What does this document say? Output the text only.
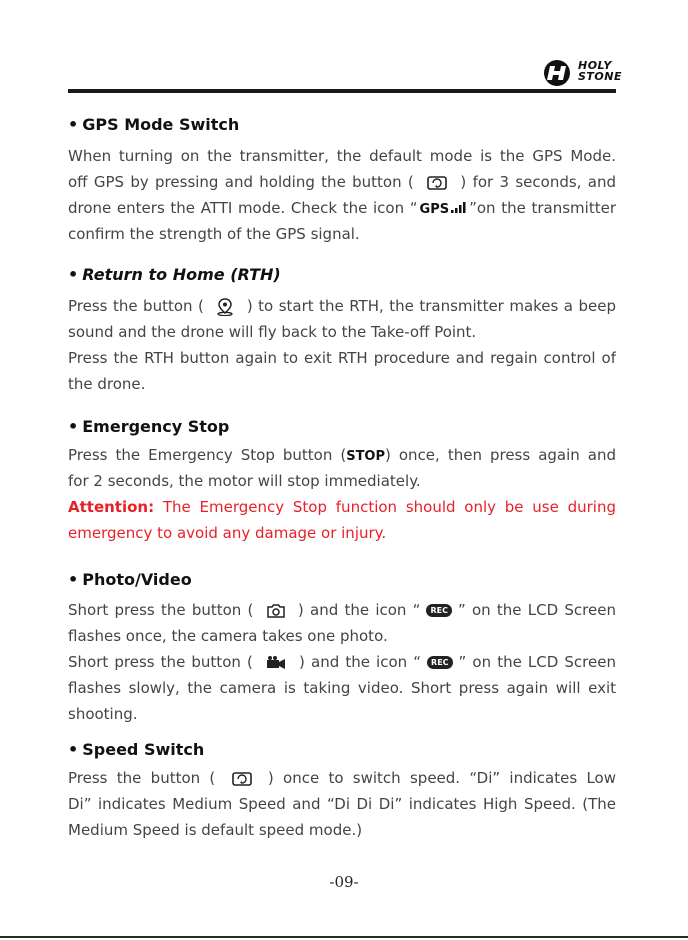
HOLY
STONE
• GPS Mode Switch
When turning on the transmitter, the default mode is the GPS Mode.
off GPS by pressing and holding the button (	) for 3 seconds, and
drone enters the ATTI mode. Check the icon “ GPS ”on the transmitter
confirm the strength of the GPS signal.
• Return to Home (RTH)
Press the button (	) to start the RTH, the transmitter makes a beep
sound and the drone will fly back to the Take-off Point.
Press the RTH button again to exit RTH procedure and regain control of
the drone.
• Emergency Stop
Press the Emergency Stop button (STOP) once, then press again and
for 2 seconds, the motor will stop immediately.
Attention: The Emergency Stop function should only be use during
emergency to avoid any damage or injury.
• Photo/Video
Short press the button (	) and the icon “ REC ” on the LCD Screen
flashes once, the camera takes one photo.
Short press the button (	) and the icon “ REC ” on the LCD Screen
flashes slowly, the camera is taking video. Short press again will exit
shooting.
• Speed Switch
Press the button (	) once to switch speed. “Di” indicates Low
Di” indicates Medium Speed and “Di Di Di” indicates High Speed. (The
Medium Speed is default speed mode.)
-09-
